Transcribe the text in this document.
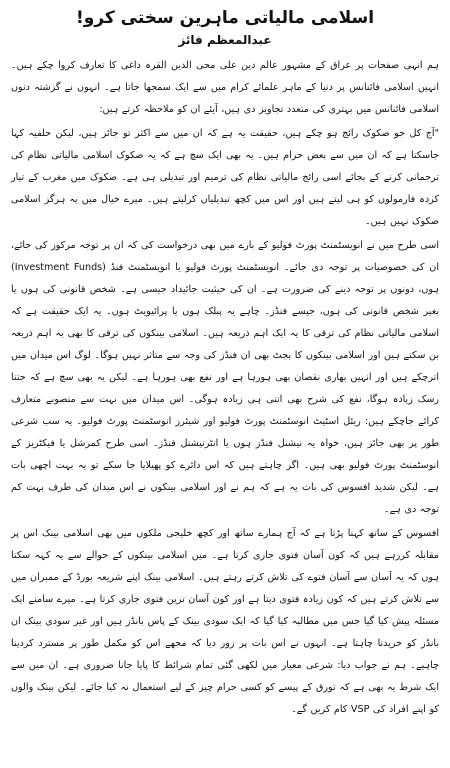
اسلامی مالیاتی ماہرین سختی کرو!
عبدالمعظم فائز

ہم انہی صفحات پر عراق کے مشہور عالم دین علی محی الدین القرہ داغی کا تعارف کروا چکے ہیں۔ انہیں اسلامی فائنانس پر دنیا کے ماہر علمائے کرام میں سے ایک سمجھا جاتا ہے۔ انہوں نے گزشتہ دنوں اسلامی فائنانس میں بہتری کی متعدد تجاویز دی ہیں، آیئے ان کو ملاحظہ کرتے ہیں:

"آج کل جو صکوک رائج ہو چکے ہیں، حقیقت یہ ہے کہ ان میں سے اکثر تو جائز ہیں، لیکن حلفیہ کہا جاسکتا ہے کہ ان میں سے بعض حرام ہیں۔ یہ بھی ایک سچ ہے کہ یہ صکوک اسلامی مالیاتی نظام کی ترجمانی کرنے کے بجائے اسی رائج مالیاتی نظام کی ترمیم اور تبدیلی ہی ہے۔ صکوک میں مغرب کے تیار کردہ فارمولوں کو ہی لیتے ہیں اور اس میں کچھ تبدیلیاں کرلیتے ہیں۔ میرے خیال میں یہ ہرگز اسلامی صکوک نہیں ہیں۔

اسی طرح میں نے انویسٹمنٹ پورٹ فولیو کے بارے میں بھی درخواست کی کہ ان پر توجہ مرکوز کی جائے، ان کی خصوصیات پر توجہ دی جائے۔ انویسٹمنٹ پورٹ فولیو یا انویسٹمنٹ فنڈ (Investment Funds) ہوں، دونوں پر توجہ دینے کی ضرورت ہے۔ ان کی حیثیت جائیداد جیسی ہے۔ شخص قانونی کی ہوں یا بغیر شخص قانونی کی ہوں، جیسے فنڈز۔ چاہے یہ پبلک ہوں یا پرائیویٹ ہوں۔ یہ ایک حقیقت ہے کہ اسلامی مالیاتی نظام کی ترقی کا یہ ایک اہم ذریعہ ہیں۔ اسلامی بینکوں کی ترقی کا بھی یہ اہم ذریعہ بن سکتے ہیں اور اسلامی بینکوں کا بجٹ بھی ان فنڈز کی وجہ سے متاثر نہیں ہوگا۔ لوگ اس میدان میں اترچکے ہیں اور انہیں بھاری نقصان بھی ہورہا ہے اور نفع بھی ہورہا ہے۔ لیکن یہ بھی سچ ہے کہ جتنا رسک زیادہ ہوگا، نفع کی شرح بھی اتنی ہی زیادہ ہوگی۔ اس میدان میں بہت سے منصوبے متعارف کرائے جاچکے ہیں: ریئل اسٹیٹ انوسٹمنٹ پورٹ فولیو اور شیئرز انوسٹمنٹ پورٹ فولیو۔ یہ سب شرعی طور پر بھی جائز ہیں، خواہ یہ نیشنل فنڈز ہوں یا انٹرنیشنل فنڈز۔ اسی طرح کمرشل یا فیکٹریز کے انوسٹمنٹ پورٹ فولیو بھی ہیں۔ اگر چاہتے ہیں کہ اس دائرے کو پھیلایا جا سکے تو یہ بہت اچھی بات ہے۔ لیکن شدید افسوس کی بات یہ ہے کہ ہم نے اور اسلامی بینکوں نے اس میدان کی طرف بہت کم توجہ دی ہے۔

افسوس کے ساتھ کہنا پڑتا ہے کہ آج ہمارے ساتھ اور کچھ خلیجی ملکوں میں بھی اسلامی بینک اس پر مقابلہ کررہے ہیں کہ کون آسان فتوی جاری کرتا ہے۔ میں اسلامی بینکوں کے حوالے سے یہ کہہ سکتا ہوں کہ یہ آسان سے آسان فتوے کی تلاش کرتے رہتے ہیں۔ اسلامی بینک اپنے شریعہ بورڈ کے ممبران میں سے تلاش کرتے ہیں کہ کون زیادہ فتوی دیتا ہے اور کون آسان ترین فتوی جاری کرتا ہے۔ میرے سامنے ایک مسئلہ پیش کیا گیا جس میں مطالبہ کیا گیا کہ ایک سودی بینک کے پاس بانڈز ہیں اور غیر سودی بینک ان بانڈز کو خریدنا چاہتا ہے۔ انہوں نے اس بات پر زور دیا کہ مجھے اس کو مکمل طور پر مسترد کردینا چاہیے۔ ہم نے جواب دیا: شرعی معیار میں لکھی گئی تمام شرائط کا پایا جانا ضروری ہے۔ ان میں سے ایک شرط یہ بھی ہے کہ تورق کے پیسے کو کسی حرام چیز کے لیے استعمال نہ کیا جائے۔ لیکن بینک والوں کو اپنے افراد کی VSP کام کریں گے۔
